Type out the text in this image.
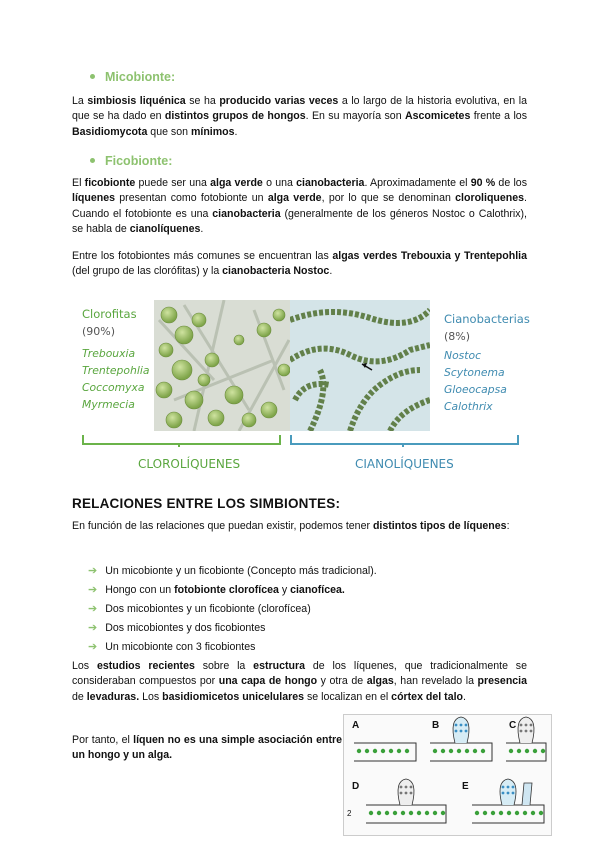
Micobionte:
La simbiosis liquénica se ha producido varias veces a lo largo de la historia evolutiva, en la que se ha dado en distintos grupos de hongos. En su mayoría son Ascomicetes frente a los Basidiomycota que son mínimos.
Ficobionte:
El ficobionte puede ser una alga verde o una cianobacteria. Aproximadamente el 90 % de los líquenes presentan como fotobionte un alga verde, por lo que se denominan cloroliquenes. Cuando el fotobionte es una cianobacteria (generalmente de los géneros Nostoc o Calothrix), se habla de cianolíquenes.
Entre los fotobiontes más comunes se encuentran las algas verdes Trebouxia y Trentepohlia (del grupo de las clorófitas) y la cianobacteria Nostoc.
Clorofitas
(90%)
Trebouxia
Trentepohlia
Coccomyxa
Myrmecia
Cianobacterias
(8%)
Nostoc
Scytonema
Gloeocapsa
Calothrix
CLOROLÍQUENES	CIANOLÍQUENES
RELACIONES ENTRE LOS SIMBIONTES:
En función de las relaciones que puedan existir, podemos tener distintos tipos de líquenes:
➔ Un micobionte y un ficobionte (Concepto más tradicional).
➔ Hongo con un fotobionte clorofícea y cianofícea.
➔ Dos micobiontes y un ficobionte (clorofícea)
➔ Dos micobiontes y dos ficobiontes
➔ Un micobionte con 3 ficobiontes
Los estudios recientes sobre la estructura de los líquenes, que tradicionalmente se consideraban compuestos por una capa de hongo y otra de algas, han revelado la presencia de levaduras. Los basidiomicetos unicelulares se localizan en el córtex del talo.
Por tanto, el líquen no es una simple asociación entre un hongo y un alga.
A	B	C
D	E
2
